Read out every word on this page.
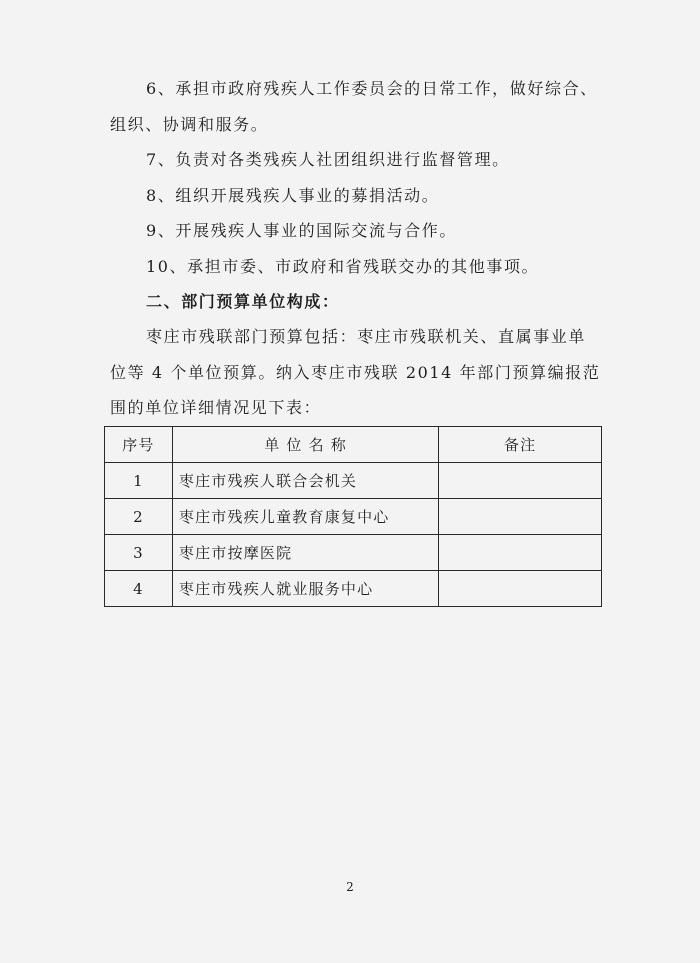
6、承担市政府残疾人工作委员会的日常工作，做好综合、
组织、协调和服务。
7、负责对各类残疾人社团组织进行监督管理。
8、组织开展残疾人事业的募捐活动。
9、开展残疾人事业的国际交流与合作。
10、承担市委、市政府和省残联交办的其他事项。
二、部门预算单位构成：
枣庄市残联部门预算包括：枣庄市残联机关、直属事业单
位等 4 个单位预算。纳入枣庄市残联 2014 年部门预算编报范
围的单位详细情况见下表：
序号	单 位 名 称	备注
1	枣庄市残疾人联合会机关	
2	枣庄市残疾儿童教育康复中心	
3	枣庄市按摩医院	
4	枣庄市残疾人就业服务中心	
2
